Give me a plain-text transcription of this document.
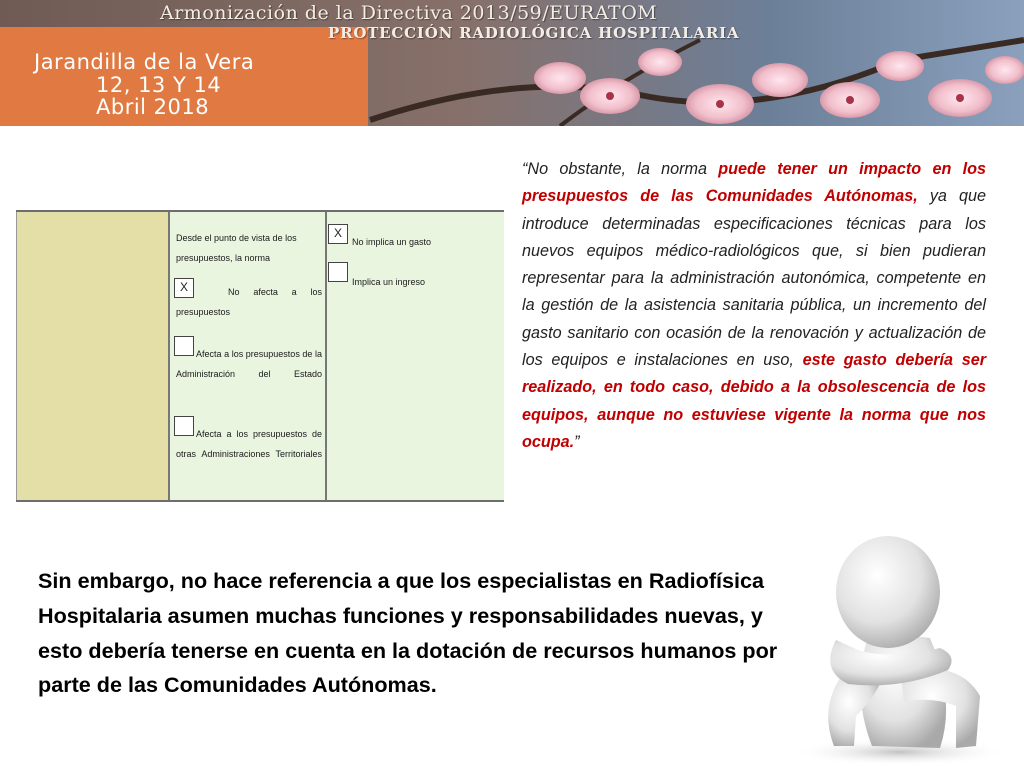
Armonización de la Directiva 2013/59/EURATOM
PROTECCIÓN RADIOLÓGICA HOSPITALARIA
Jarandilla de la Vera
12, 13 Y 14
Abril 2018
Desde el punto de vista de los presupuestos, la norma
X	No afecta a los presupuestos
Afecta a los presupuestos de la Administración del Estado
Afecta a los presupuestos de otras Administraciones Territoriales
X
No implica un gasto
Implica un ingreso
“No obstante, la norma puede tener un impacto en los presupuestos de las Comunidades Autónomas, ya que introduce determinadas especificaciones técnicas para los nuevos equipos médico-radiológicos que, si bien pudieran representar para la administración autonómica, competente en la gestión de la asistencia sanitaria pública, un incremento del gasto sanitario con ocasión de la renovación y actualización de los equipos e instalaciones en uso, este gasto debería ser realizado, en todo caso, debido a la obsolescencia de los equipos, aunque no estuviese vigente la norma que nos ocupa.”
Sin embargo, no hace referencia a que los especialistas en Radiofísica Hospitalaria asumen muchas funciones y responsabilidades nuevas, y esto debería tenerse en cuenta en la dotación de recursos humanos por parte de las Comunidades Autónomas.
